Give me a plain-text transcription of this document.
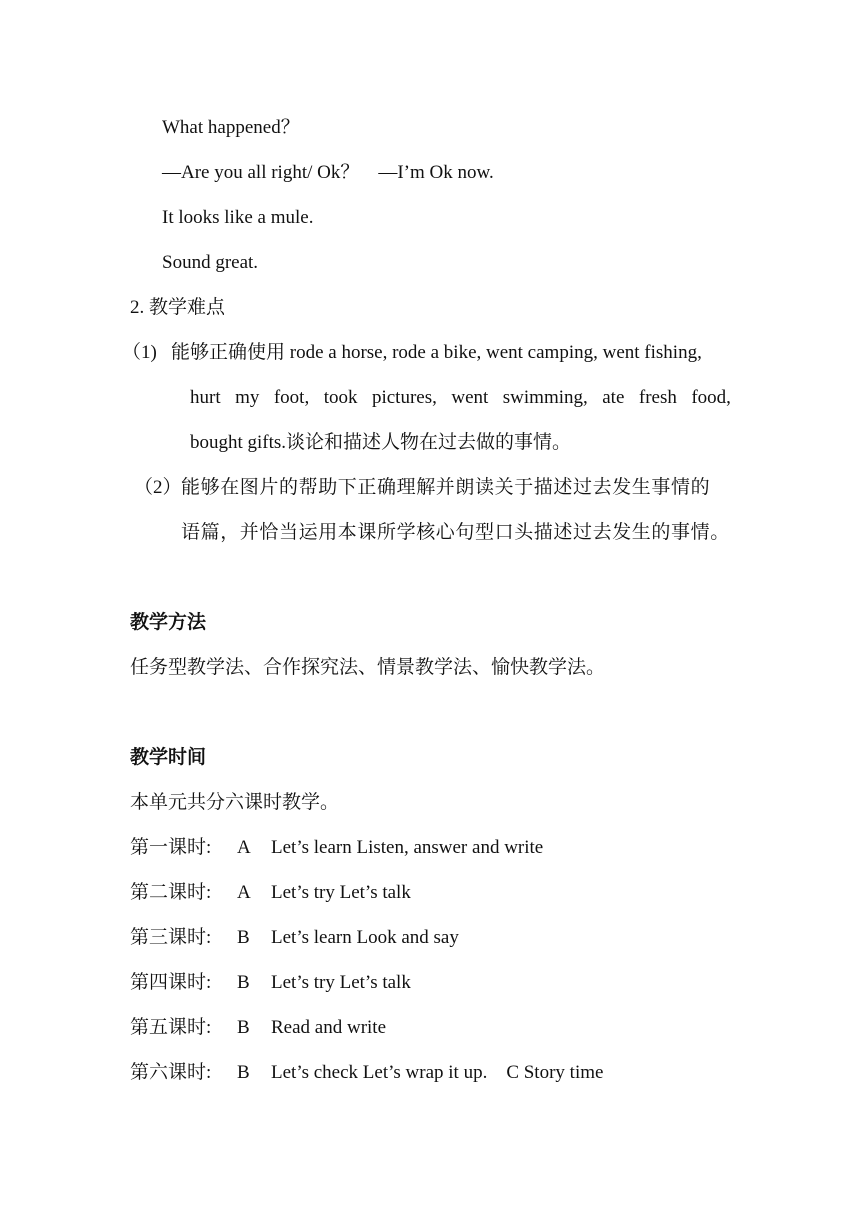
What happened？
—Are you all right/ Ok？　—I’m Ok now.
It looks like a mule.
Sound great.
2. 教学难点
（1) 能够正确使用 rode a horse, rode a bike, went camping, went fishing,
hurt my foot, took pictures, went swimming, ate fresh food,
bought gifts.谈论和描述人物在过去做的事情。
（2） 能够在图片的帮助下正确理解并朗读关于描述过去发生事情的
语篇，并恰当运用本课所学核心句型口头描述过去发生的事情。
教学方法
任务型教学法、合作探究法、情景教学法、愉快教学法。
教学时间
本单元共分六课时教学。
第一课时: A Let’s learn Listen, answer and write
第二课时: A Let’s try Let’s talk
第三课时: B Let’s learn Look and say
第四课时: B Let’s try Let’s talk
第五课时: B Read and write
第六课时: B Let’s check Let’s wrap it up.    C Story time
